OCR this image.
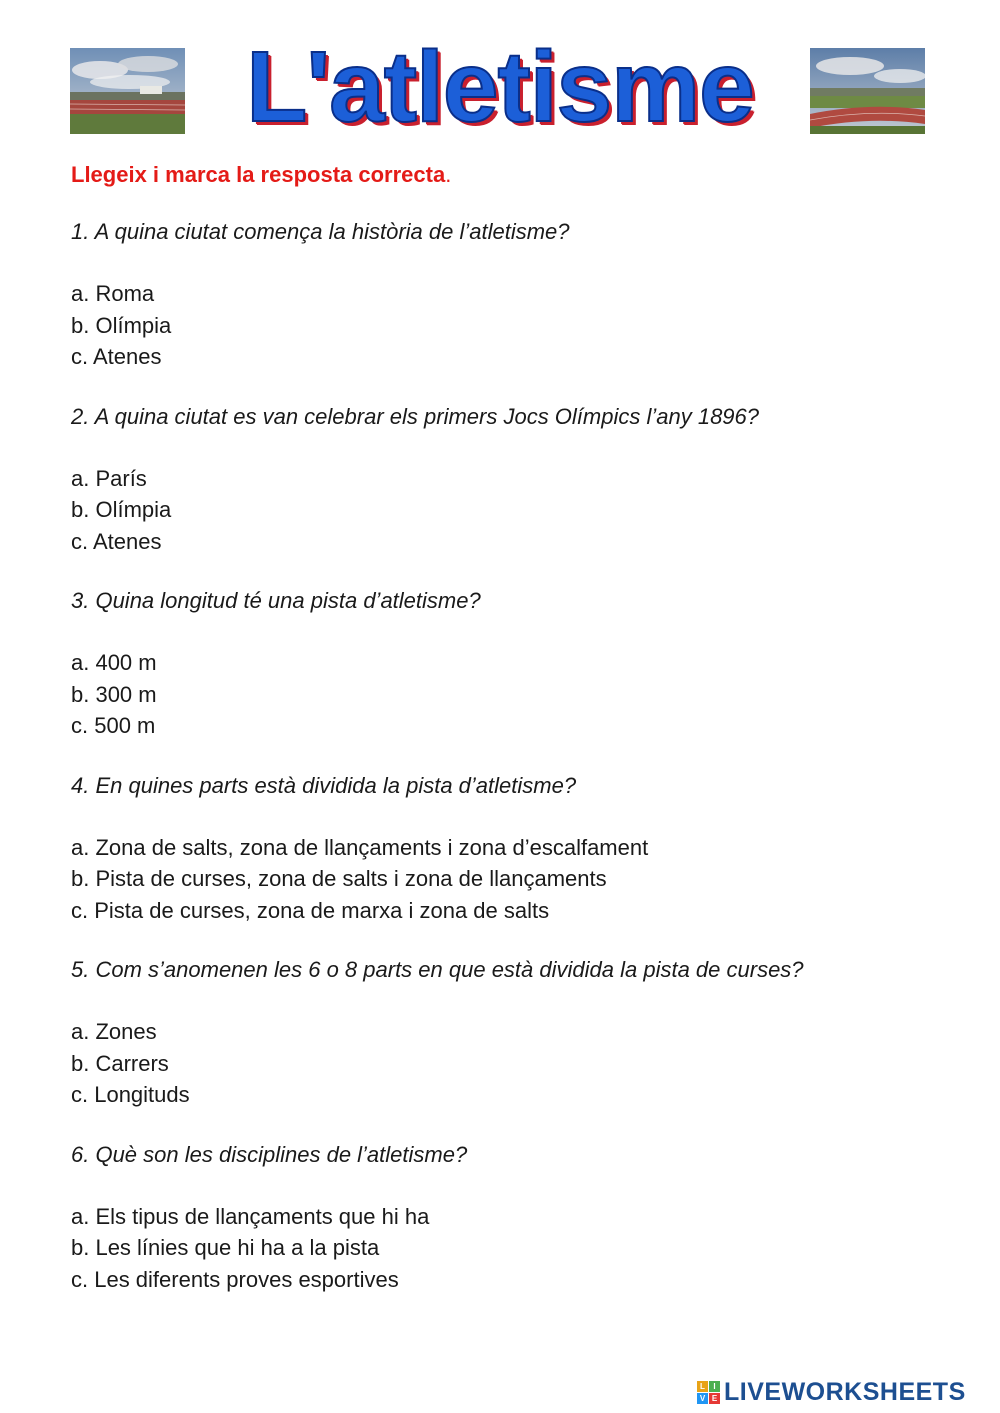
L'atletisme
Llegeix i marca la resposta correcta.
1. A quina ciutat comença la història de l’atletisme?
a. Roma
b. Olímpia
c. Atenes
2. A quina ciutat es van celebrar els primers Jocs Olímpics l’any 1896?
a. París
b. Olímpia
c. Atenes
3. Quina longitud té una pista d’atletisme?
a. 400 m
b. 300 m
c. 500 m
4. En quines parts està dividida la pista d’atletisme?
a. Zona de salts, zona de llançaments i zona d’escalfament
b. Pista de curses, zona de salts i zona de llançaments
c. Pista de curses, zona de marxa i zona de salts
5. Com s’anomenen les 6 o 8 parts en que està dividida la pista de curses?
a. Zones
b. Carrers
c. Longituds
6. Què son les disciplines de l’atletisme?
a. Els tipus de llançaments que hi ha
b. Les línies que hi ha a la pista
c. Les diferents proves esportives
L	I
V E LIVEWORKSHEETS
